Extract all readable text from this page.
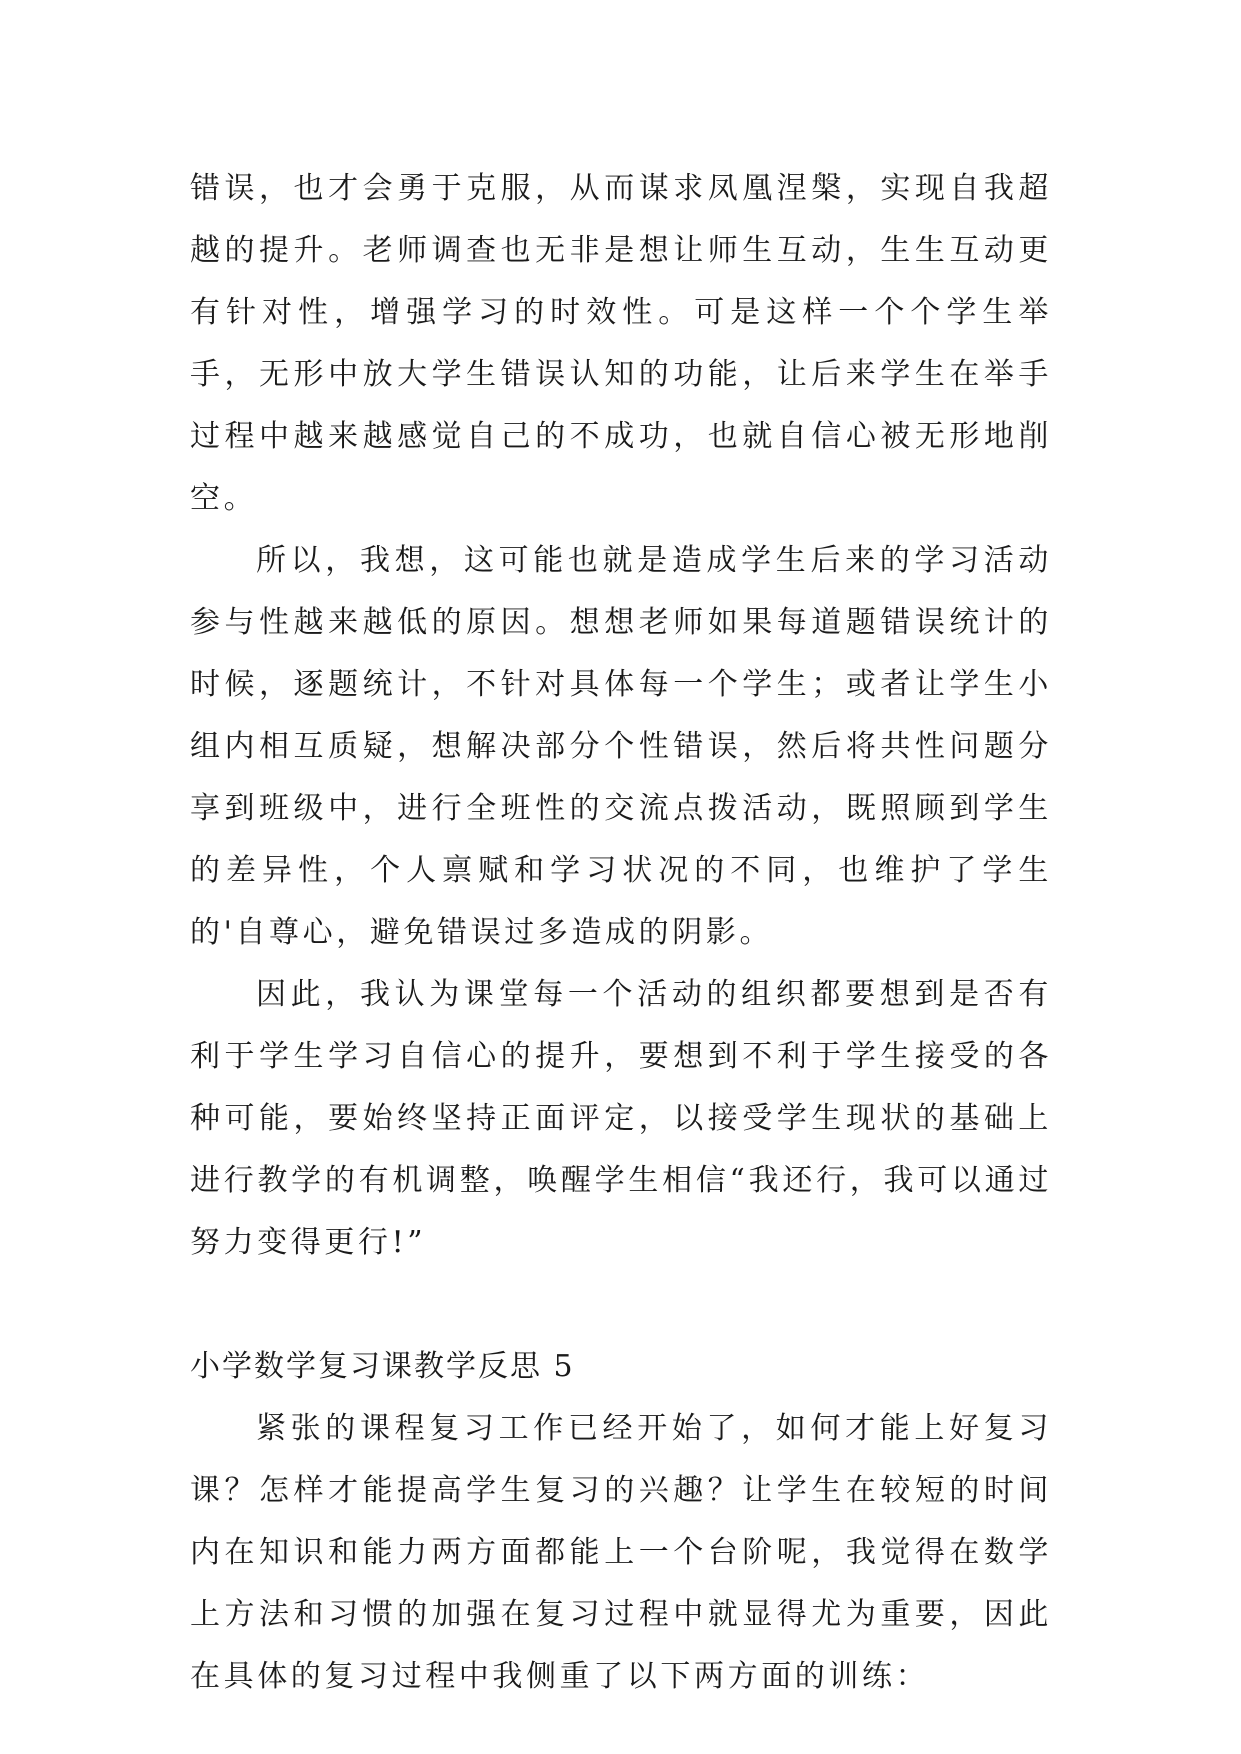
错误，也才会勇于克服，从而谋求凤凰涅槃，实现自我超越的提升。老师调查也无非是想让师生互动，生生互动更有针对性，增强学习的时效性。可是这样一个个学生举手，无形中放大学生错误认知的功能，让后来学生在举手过程中越来越感觉自己的不成功，也就自信心被无形地削空。

所以，我想，这可能也就是造成学生后来的学习活动参与性越来越低的原因。想想老师如果每道题错误统计的时候，逐题统计，不针对具体每一个学生；或者让学生小组内相互质疑，想解决部分个性错误，然后将共性问题分享到班级中，进行全班性的交流点拨活动，既照顾到学生的差异性，个人禀赋和学习状况的不同，也维护了学生的'自尊心，避免错误过多造成的阴影。

因此，我认为课堂每一个活动的组织都要想到是否有利于学生学习自信心的提升，要想到不利于学生接受的各种可能，要始终坚持正面评定，以接受学生现状的基础上进行教学的有机调整，唤醒学生相信“我还行，我可以通过努力变得更行!”

小学数学复习课教学反思 5

紧张的课程复习工作已经开始了，如何才能上好复习课？怎样才能提高学生复习的兴趣？让学生在较短的时间内在知识和能力两方面都能上一个台阶呢，我觉得在数学上方法和习惯的加强在复习过程中就显得尤为重要，因此在具体的复习过程中我侧重了以下两方面的训练：
